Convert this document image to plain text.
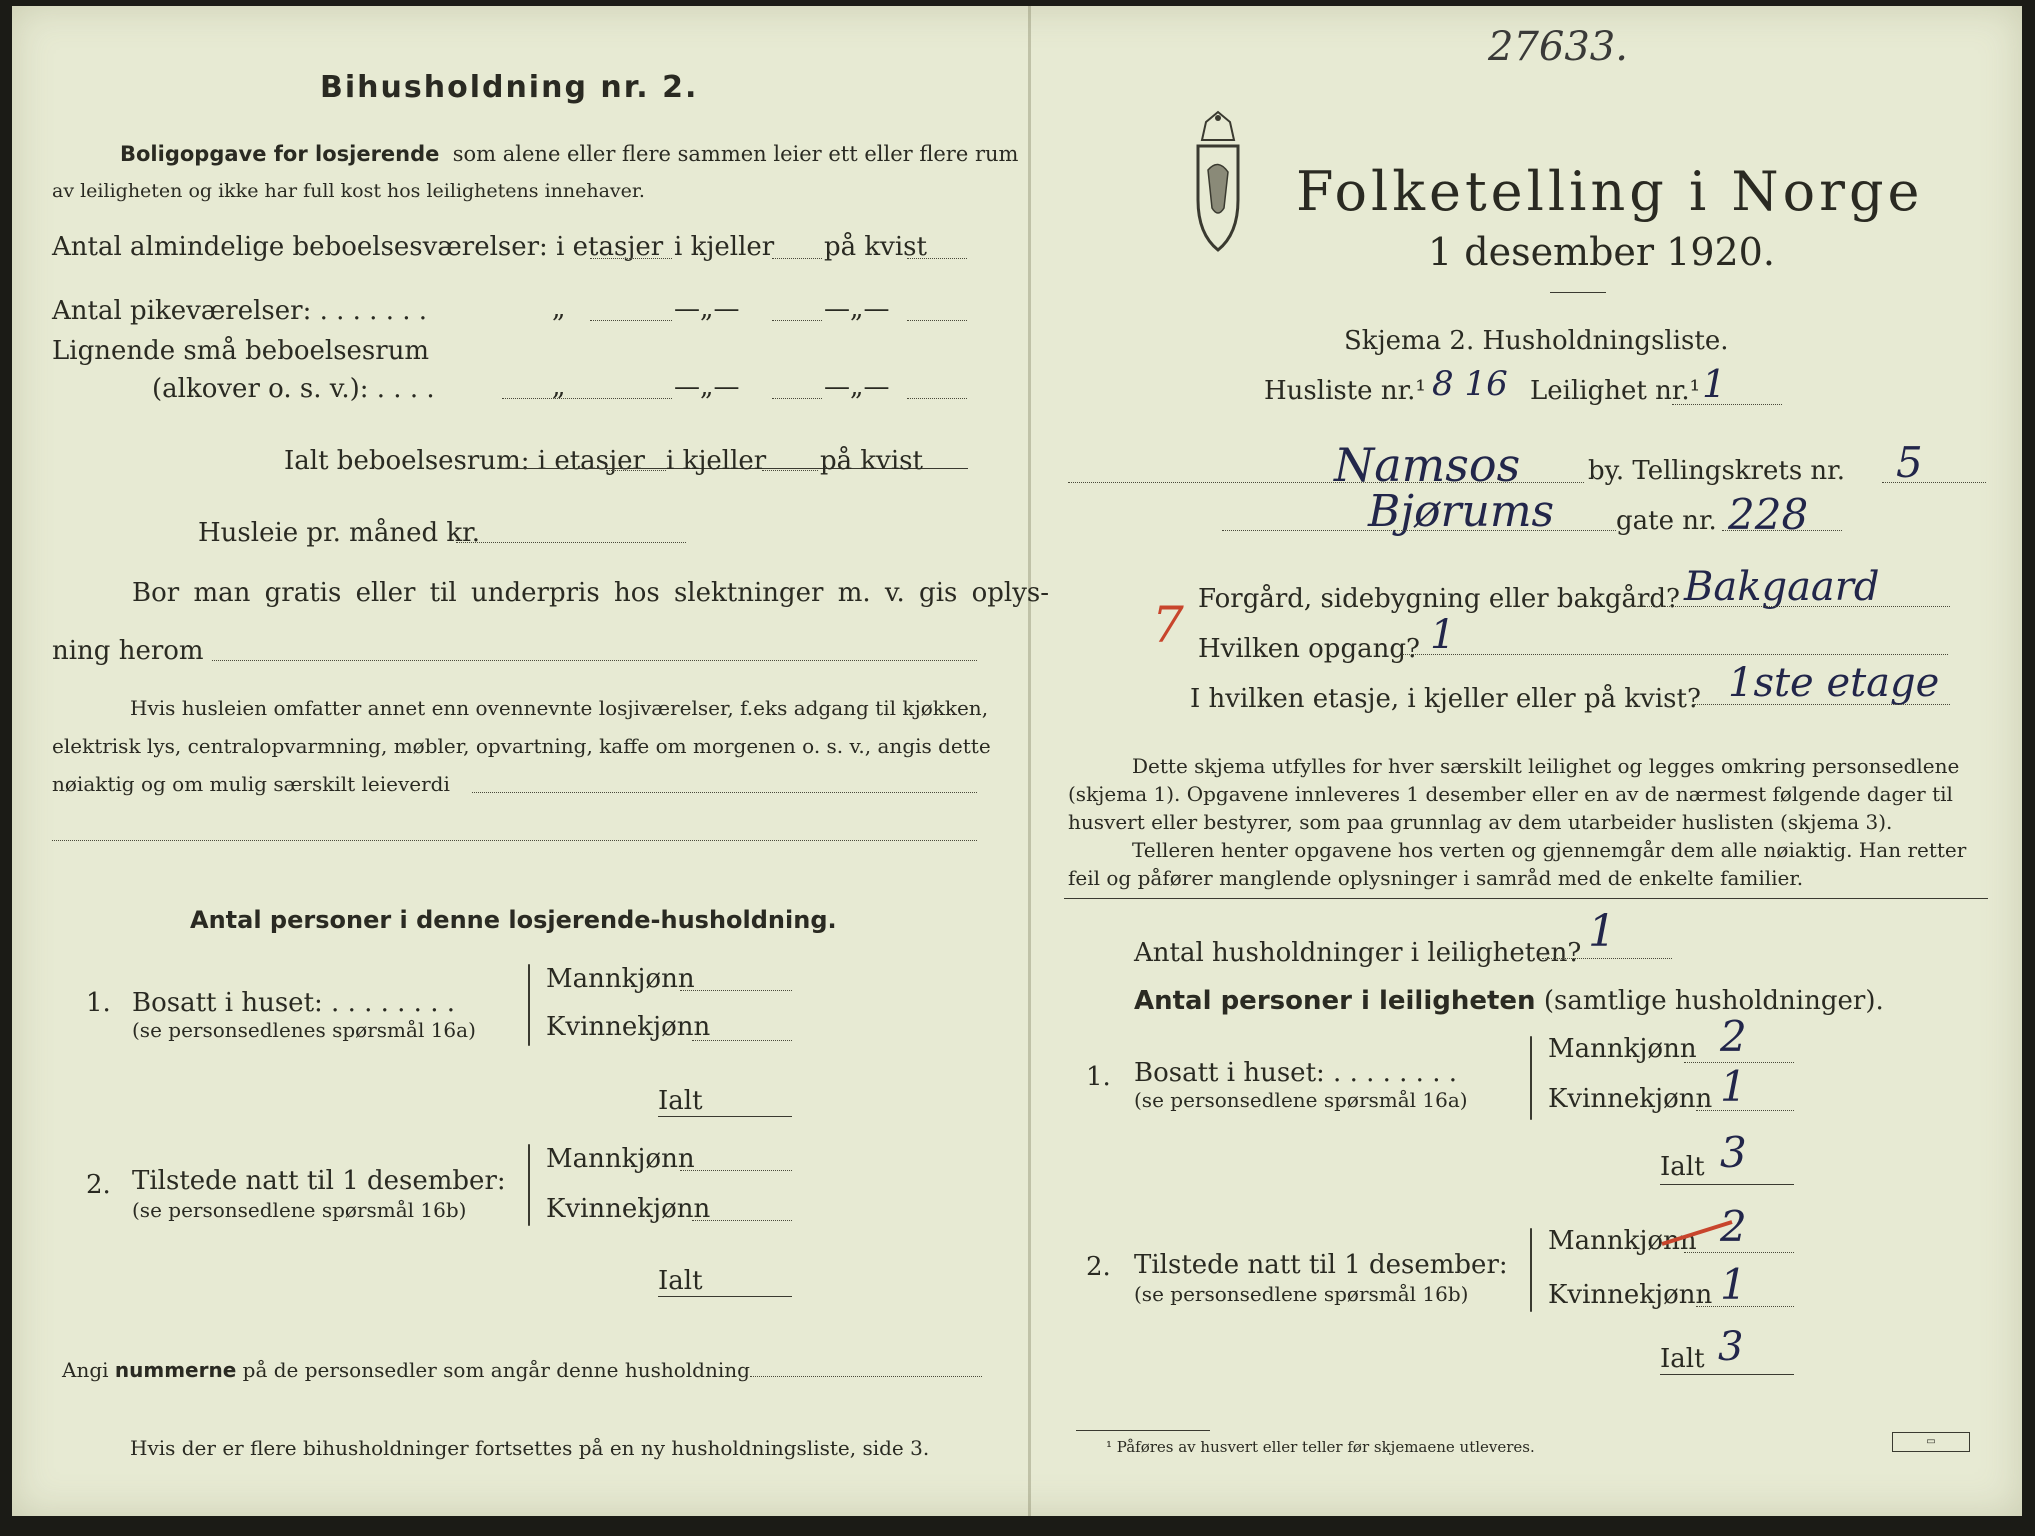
Bihusholdning nr. 2.
Boligopgave for losjerende som alene eller flere sammen leier ett eller flere rum
av leiligheten og ikke har full kost hos leilighetens innehaver.
Antal almindelige beboelsesværelser: i etasjer i kjeller på kvist
Antal pikeværelser: . . . . . . .	„	—„—	—„—
Lignende små beboelsesrum
(alkover o. s. v.): . . . .	„	—„—	—„—
Ialt beboelsesrum: i etasjer i kjeller på kvist
Husleie pr. måned kr.
Bor man gratis eller til underpris hos slektninger m. v. gis oplys-
ning herom
Hvis husleien omfatter annet enn ovennevnte losjiværelser, f.eks adgang til kjøkken,
elektrisk lys, centralopvarmning, møbler, opvartning, kaffe om morgenen o. s. v., angis dette
nøiaktig og om mulig særskilt leieverdi
Antal personer i denne losjerende-husholdning.
1. Bosatt i huset: . . . . . . . .
(se personsedlenes spørsmål 16a)
Mannkjønn
Kvinnekjønn
Ialt
2. Tilstede natt til 1 desember:
(se personsedlene spørsmål 16b)
Mannkjønn
Kvinnekjønn
Ialt
Angi nummerne på de personsedler som angår denne husholdning
Hvis der er flere bihusholdninger fortsettes på en ny husholdningsliste, side 3.
27633.
Folketelling i Norge
1 desember 1920.
Skjema 2. Husholdningsliste.
Husliste nr.¹ 8 16 Leilighet nr.¹ 1
Namsos	by. Tellingskrets nr. 5
Bjørums gate nr. 228
Forgård, sidebygning eller bakgård? Bakgaard
7 Hvilken opgang? 1
I hvilken etasje, i kjeller eller på kvist? 1ste etage
Dette skjema utfylles for hver særskilt leilighet og legges omkring personsedlene
(skjema 1). Opgavene innleveres 1 desember eller en av de nærmest følgende dager til
husvert eller bestyrer, som paa grunnlag av dem utarbeider huslisten (skjema 3).
Telleren henter opgavene hos verten og gjennemgår dem alle nøiaktig. Han retter
feil og påfører manglende oplysninger i samråd med de enkelte familier.
Antal husholdninger i leiligheten? 1
Antal personer i leiligheten (samtlige husholdninger).
1. Bosatt i huset: . . . . . . . .
(se personsedlene spørsmål 16a)
Mannkjønn 2
Kvinnekjønn 1
Ialt 3
2. Tilstede natt til 1 desember:
(se personsedlene spørsmål 16b)
Mannkjønn 2
Kvinnekjønn 1
Ialt 3
¹ Påføres av husvert eller teller før skjemaene utleveres.	▭
